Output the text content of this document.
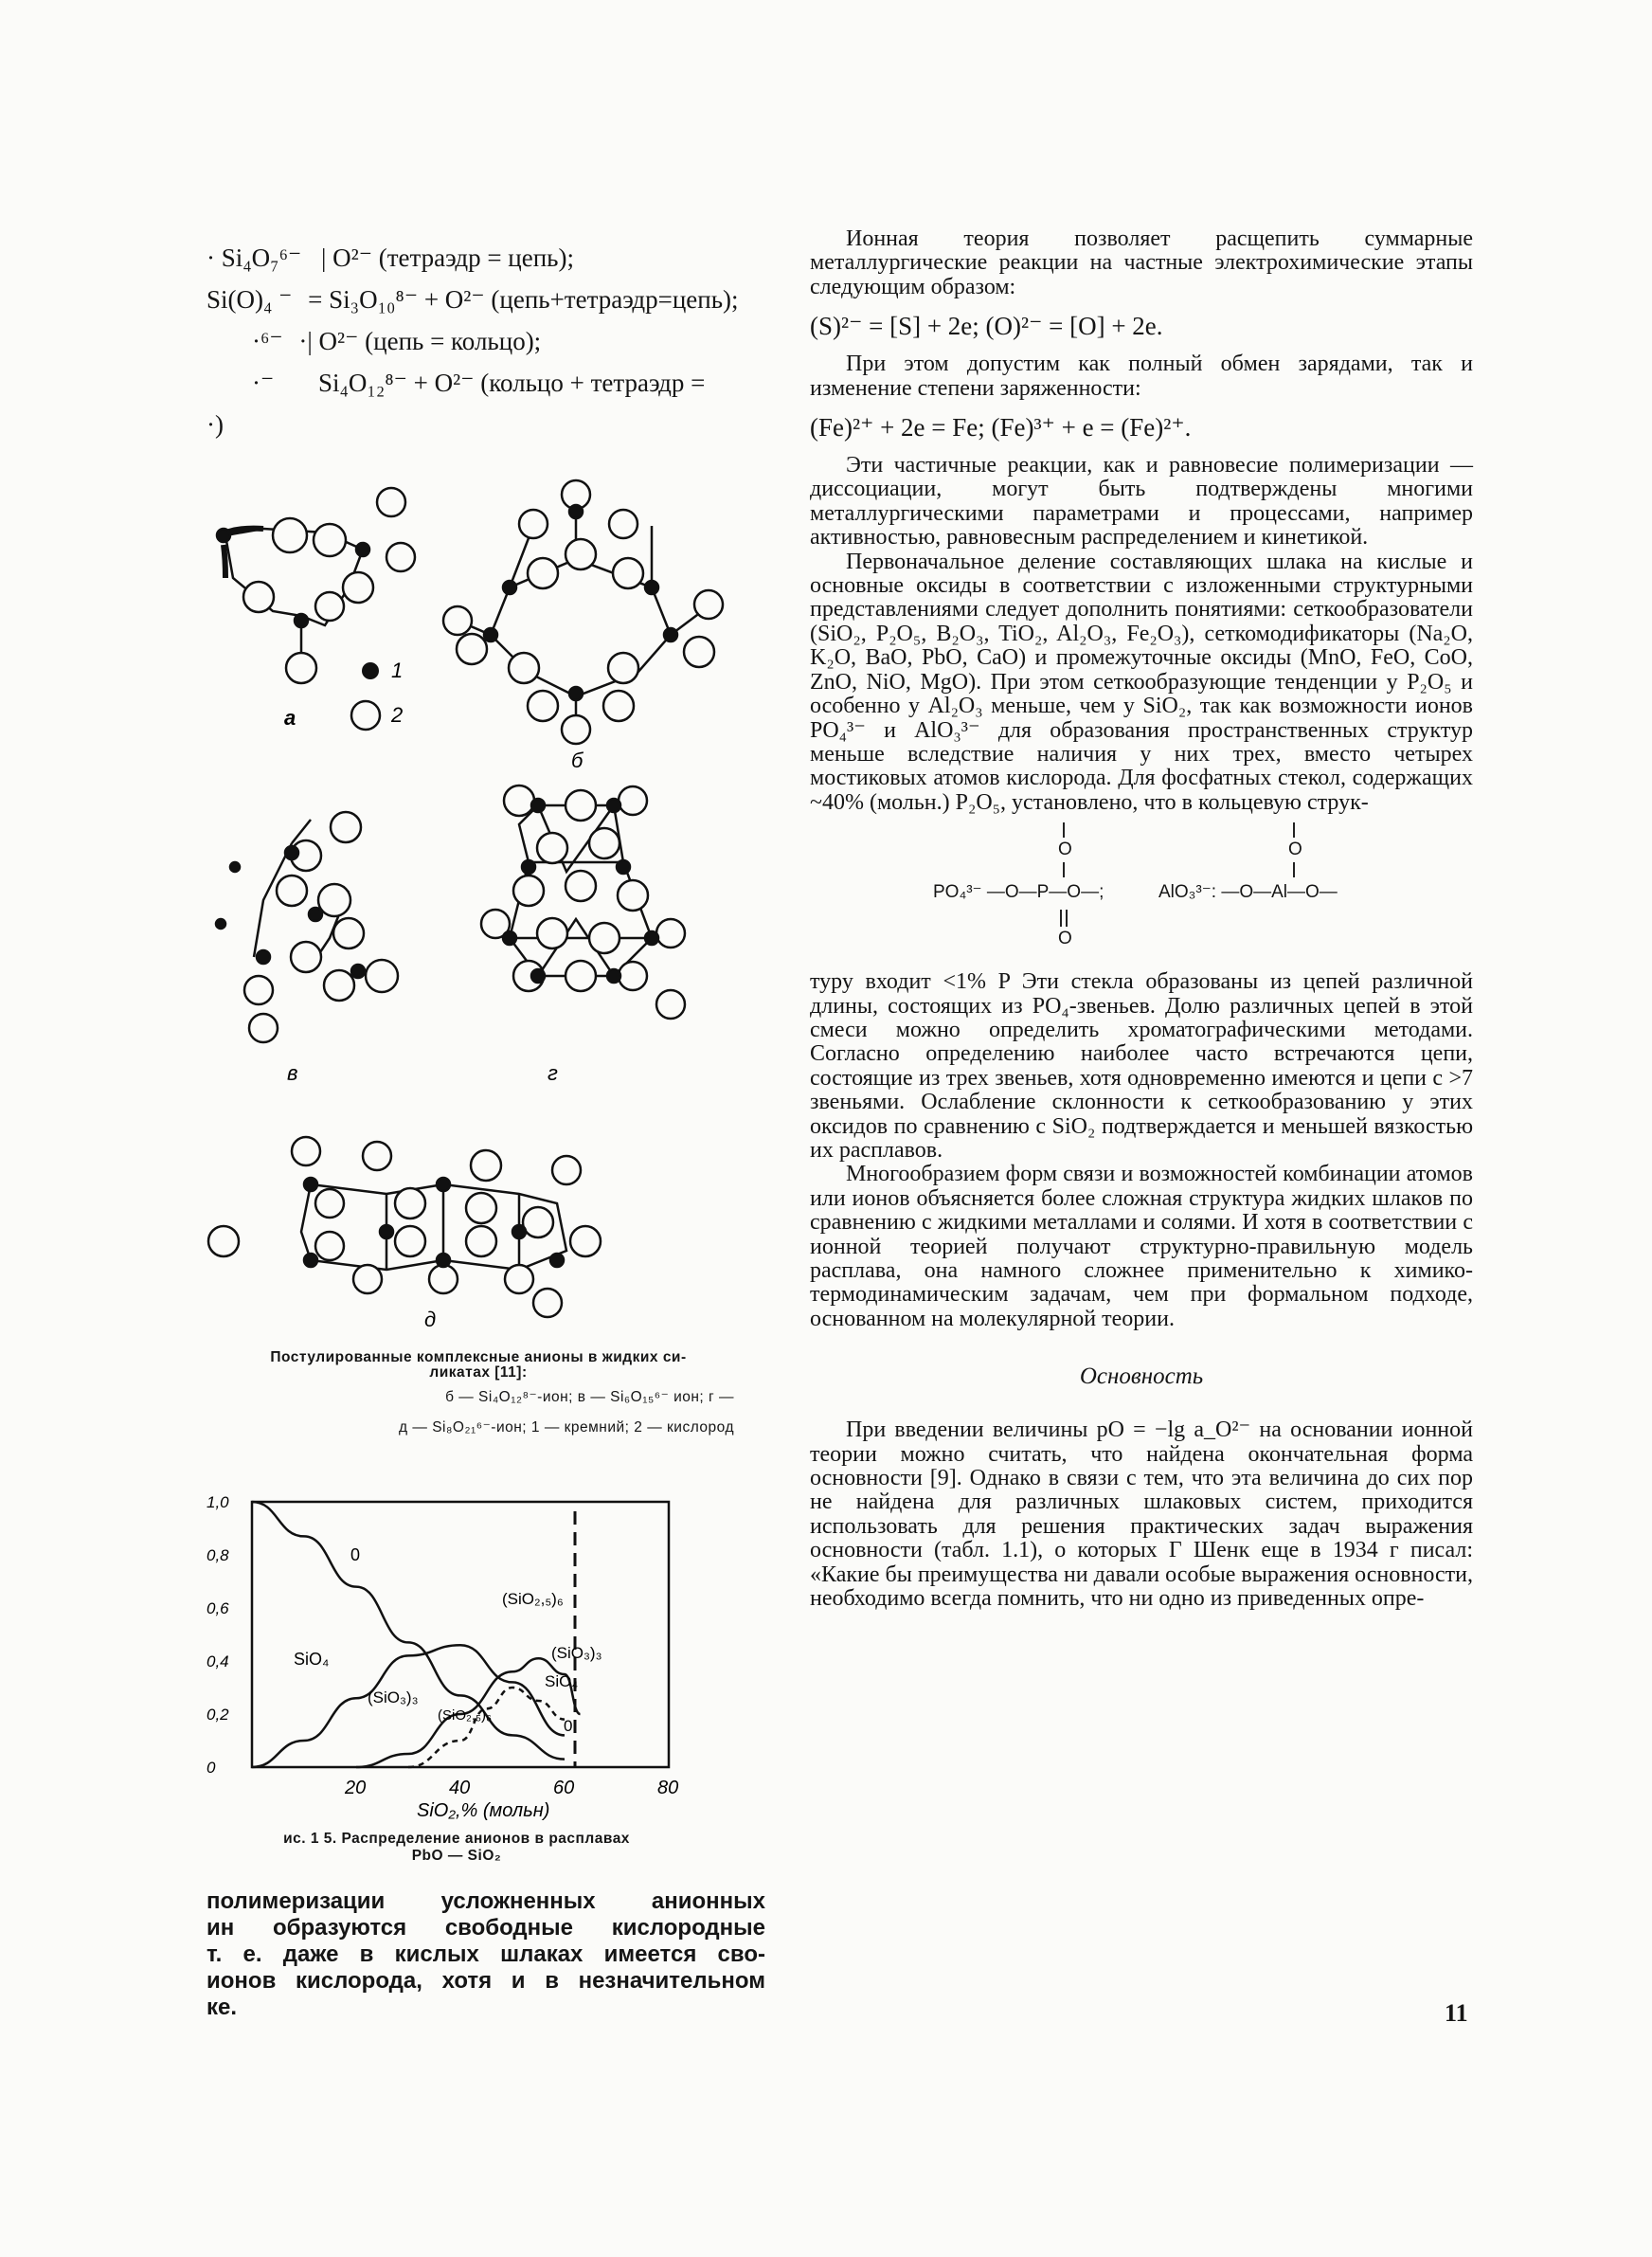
· Si₄O₇⁶⁻ | O²⁻ (тетраэдр = цепь);
Si(O)₄ ⁻ = Si₃O₁₀⁸⁻ + O²⁻ (цепь+тетраэдр=цепь);
·⁶⁻ ·| O²⁻ (цепь = кольцо);
·⁻ Si₄O₁₂⁸⁻ + O²⁻ (кольцо + тетраэдр =
·)
1
2
а
б
в	г
д
Постулированные комплексные анионы в жидких си-
ликатах [11]:
б — Si₄O₁₂⁸⁻-ион; в — Si₆O₁₅⁶⁻ ион; г —
д — Si₈O₂₁⁶⁻-ион; 1 — кремний; 2 — кислород
0
0,2
0,4
0,6
0,8
1,0
20	40	60	80
0
SiO₄
(SiO₃)₃
(SiO₂,₅)₆
(SiO₃)₃
SiO₄
(SiO₂,₅)₆
0
SiO₂,% (мольн)
ис. 1 5. Распределение анионов в расплавах
PbO — SiO₂
полимеризации усложненных анионных
ин образуются свободные кислородные
т. е. даже в кислых шлаках имеется сво-
ионов кислорода, хотя и в незначительном
ке.

Ионная теория позволяет расщепить суммарные металлургические реакции на частные электрохимические этапы следующим образом:

(S)²⁻ = [S] + 2e; (O)²⁻ = [O] + 2e.

При этом допустим как полный обмен зарядами, так и изменение степени заряженности:

(Fe)²⁺ + 2e = Fe; (Fe)³⁺ + e = (Fe)²⁺.

Эти частичные реакции, как и равновесие полимеризации — диссоциации, могут быть подтверждены многими металлургическими параметрами и процессами, например активностью, равновесным распределением и кинетикой.

Первоначальное деление составляющих шлака на кислые и основные оксиды в соответствии с изложенными структурными представлениями следует дополнить понятиями: сеткообразователи (SiO₂, P₂O₅, B₂O₃, TiO₂, Al₂O₃, Fe₂O₃), сеткомодификаторы (Na₂O, K₂O, BaO, PbO, CaO) и промежуточные оксиды (MnO, FeO, CoO, ZnO, NiO, MgO). При этом сеткообразующие тенденции у P₂O₅ и особенно у Al₂O₃ меньше, чем у SiO₂, так как возможности ионов PO₄³⁻ и AlO₃³⁻ для образования пространственных структур меньше вследствие наличия у них трех, вместо четырех мостиковых атомов кислорода. Для фосфатных стекол, содержащих ~40% (мольн.) P₂O₅, установлено, что в кольцевую струк-

O
PO₄³⁻ —O—P—O—;
O
AlO₃³⁻: —O—Al—O—
O

туру входит <1% P Эти стекла образованы из цепей различной длины, состоящих из PO₄-звеньев. Долю различных цепей в этой смеси можно определить хроматографическими методами. Согласно определению наиболее часто встречаются цепи, состоящие из трех звеньев, хотя одновременно имеются и цепи с >7 звеньями. Ослабление склонности к сеткообразованию у этих оксидов по сравнению с SiO₂ подтверждается и меньшей вязкостью их расплавов.

Многообразием форм связи и возможностей комбинации атомов или ионов объясняется более сложная структура жидких шлаков по сравнению с жидкими металлами и солями. И хотя в соответствии с ионной теорией получают структурно-правильную модель расплава, она намного сложнее применительно к химико-термодинамическим задачам, чем при формальном подходе, основанном на молекулярной теории.

Основность

При введении величины pO = −lg a_O²⁻ на основании ионной теории можно считать, что найдена окончательная форма основности [9]. Однако в связи с тем, что эта величина до сих пор не найдена для различных шлаковых систем, приходится использовать для решения практических задач выражения основности (табл. 1.1), о которых Г Шенк еще в 1934 г писал: «Какие бы преимущества ни давали особые выражения основности, необходимо всегда помнить, что ни одно из приведенных опре-

11
